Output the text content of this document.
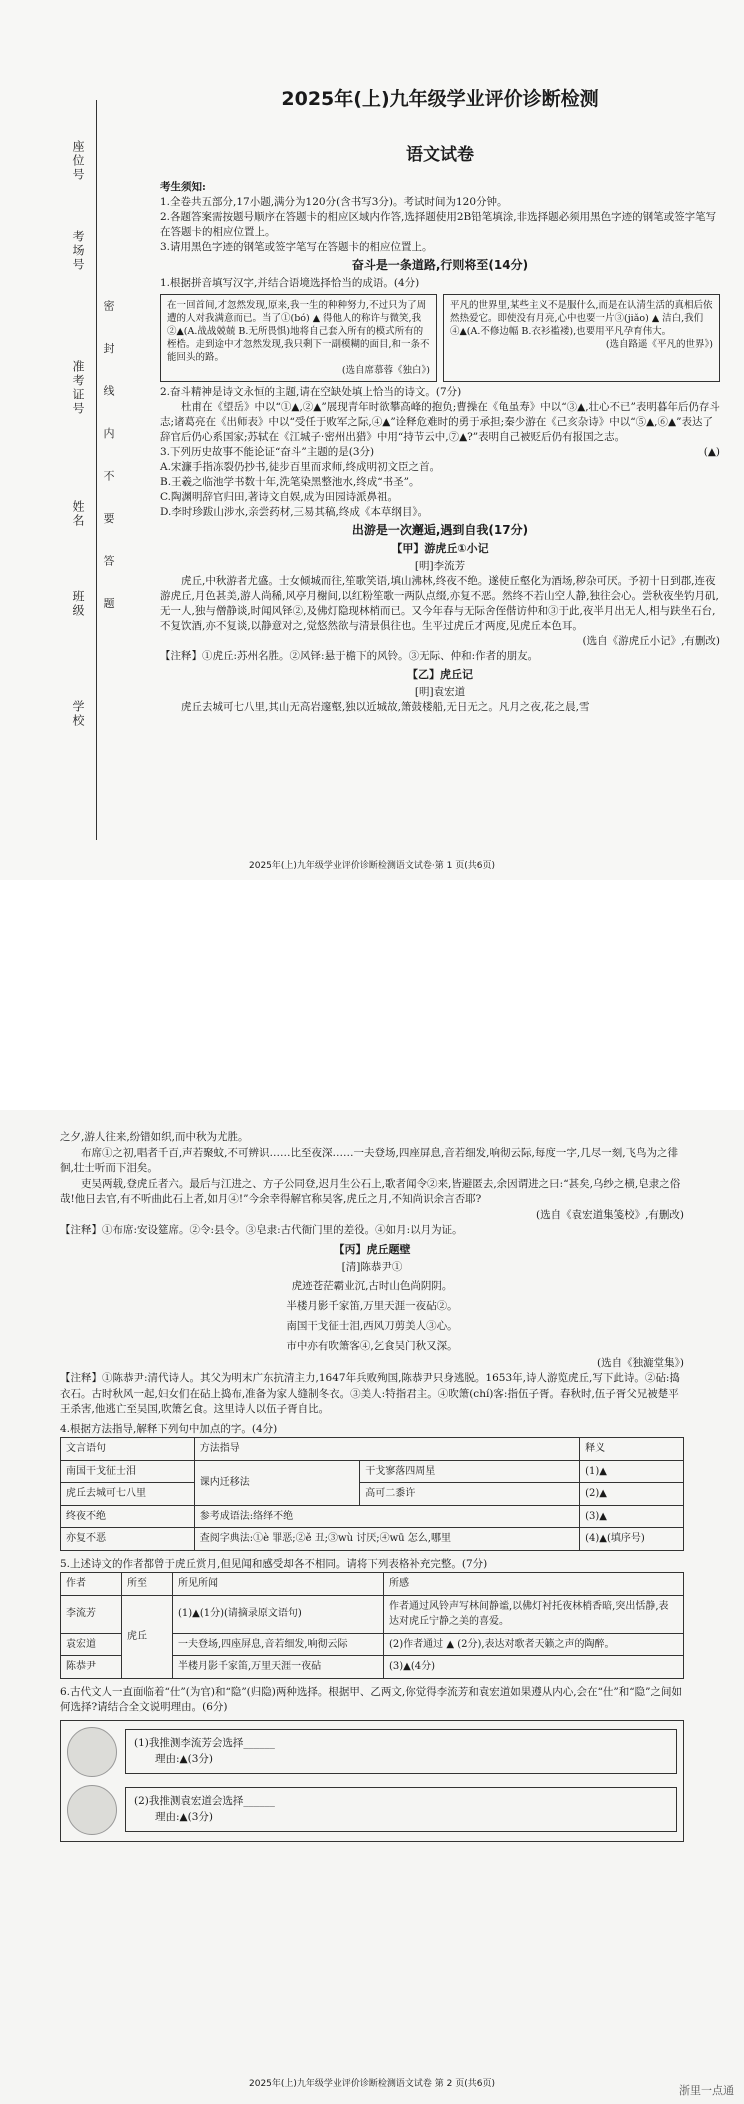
密 封 线 内 不 要 答 题
座位号
考场号
准考证号
姓名
班级
学校
2025年(上)九年级学业评价诊断检测
语文试卷

考生须知:

1.全卷共五部分,17小题,满分为120分(含书写3分)。考试时间为120分钟。

2.各题答案需按题号顺序在答题卡的相应区域内作答,选择题使用2B铅笔填涂,非选择题必须用黑色字迹的钢笔或签字笔写在答题卡的相应位置上。

3.请用黑色字迹的钢笔或签字笔写在答题卡的相应位置上。

奋斗是一条道路,行则将至(14分)

1.根据拼音填写汉字,并结合语境选择恰当的成语。(4分)

在一回首间,才忽然发现,原来,我一生的种种努力,不过只为了周遭的人对我满意而已。当了①(bó) ▲ 得他人的称许与微笑,我②▲(A.战战兢兢 B.无所畏惧)地将自己套入所有的模式所有的桎梏。走到途中才忽然发现,我只剩下一副模糊的面目,和一条不能回头的路。

(选自席慕蓉《独白》)

平凡的世界里,某些主义不是服什么,而是在认清生活的真相后依然热爱它。即使没有月亮,心中也要一片③(jiǎo) ▲ 洁白,我们④▲(A.不修边幅 B.衣衫褴褛),也要用平凡孕育伟大。

(选自路遥《平凡的世界》)

2.奋斗精神是诗文永恒的主题,请在空缺处填上恰当的诗文。(7分)

杜甫在《望岳》中以“①▲,②▲”展现青年时欲攀高峰的抱负;曹操在《龟虽寿》中以“③▲,壮心不已”表明暮年后仍存斗志;诸葛亮在《出师表》中以“受任于败军之际,④▲”诠释危难时的勇于承担;秦少游在《己亥杂诗》中以“⑤▲,⑥▲”表达了辞官后仍心系国家;苏轼在《江城子·密州出猎》中用“持节云中,⑦▲?”表明自己被贬后仍有报国之志。

3.下列历史故事不能论证“奋斗”主题的是(3分)	(▲)

A.宋濂手指冻裂仍抄书,徒步百里而求师,终成明初文臣之首。

B.王羲之临池学书数十年,洗笔染黑整池水,终成“书圣”。

C.陶渊明辞官归田,著诗文自娱,成为田园诗派鼻祖。

D.李时珍跋山涉水,亲尝药材,三易其稿,终成《本草纲目》。

出游是一次邂逅,遇到自我(17分)
【甲】游虎丘①小记

[明]李流芳

虎丘,中秋游者尤盛。士女倾城而往,笙歌笑语,填山沸林,终夜不绝。遂使丘壑化为酒场,秽杂可厌。予初十日到郡,连夜游虎丘,月色甚美,游人尚稀,风亭月榭间,以红粉笙歌一两队点缀,亦复不恶。然终不若山空人静,独往会心。尝秋夜坐钓月矶,无一人,独与僧静谈,时闻风铎②,及佛灯隐现林梢而已。又今年春与无际舍侄偕访仲和③于此,夜半月出无人,相与趺坐石台,不复饮酒,亦不复谈,以静意对之,觉悠然欲与清景俱往也。生平过虎丘才两度,见虎丘本色耳。

(选自《游虎丘小记》,有删改)

【注释】①虎丘:苏州名胜。②风铎:悬于檐下的风铃。③无际、仲和:作者的朋友。

【乙】虎丘记

[明]袁宏道

虎丘去城可七八里,其山无高岩邃壑,独以近城故,箫鼓楼船,无日无之。凡月之夜,花之晨,雪

2025年(上)九年级学业评价诊断检测语文试卷·第 1 页(共6页)

之夕,游人往来,纷错如织,而中秋为尤胜。

布席①之初,唱者千百,声若聚蚊,不可辨识……比至夜深……一夫登场,四座屏息,音若细发,响彻云际,每度一字,几尽一刻,飞鸟为之徘徊,壮士听而下泪矣。

吏吴两载,登虎丘者六。最后与江进之、方子公同登,迟月生公石上,歌者闻令②来,皆避匿去,余因谓进之曰:“甚矣,乌纱之横,皂隶之俗哉!他日去官,有不听曲此石上者,如月④!”今余幸得解官称吴客,虎丘之月,不知尚识余言否耶?

(选自《袁宏道集笺校》,有删改)

【注释】①布席:安设筵席。②令:县令。③皂隶:古代衙门里的差役。④如月:以月为证。

【丙】虎丘题壁

[清]陈恭尹①

虎迹苍茫霸业沉,古时山色尚阴阴。

半楼月影千家笛,万里天涯一夜砧②。

南国干戈征士泪,西风刀剪美人③心。

市中亦有吹箫客④,乞食吴门秋又深。

(选自《独漉堂集》)

【注释】①陈恭尹:清代诗人。其父为明末广东抗清主力,1647年兵败殉国,陈恭尹只身逃脱。1653年,诗人游览虎丘,写下此诗。②砧:捣衣石。古时秋风一起,妇女们在砧上捣布,准备为家人缝制冬衣。③美人:特指君主。④吹箫(chí)客:指伍子胥。春秋时,伍子胥父兄被楚平王杀害,他逃亡至吴国,吹箫乞食。这里诗人以伍子胥自比。

4.根据方法指导,解释下列句中加点的字。(4分)

文言语句	方法指导		释义
南国干戈征士泪	课内迁移法	干戈寥落四周星	(1)▲
虎丘去城可七八里		高可二黍许	(2)▲
终夜不绝	参考成语法:络绎不绝		(3)▲
亦复不恶	查阅字典法:①è 罪恶;②ě 丑;③wù 讨厌;④wū 怎么,哪里		(4)▲(填序号)

5.上述诗文的作者都曾于虎丘赏月,但见闻和感受却各不相同。请将下列表格补充完整。(7分)

作者	所至	所见所闻	所感
李流芳	虎丘	(1)▲(1分)(请摘录原文语句)	作者通过风铃声写林间静谧,以佛灯衬托夜林梢香暗,突出恬静,表达对虎丘宁静之美的喜爱。
袁宏道		一夫登场,四座屏息,音若细发,响彻云际	(2)作者通过 ▲ (2分),表达对歌者天籁之声的陶醉。
陈恭尹		半楼月影千家笛,万里天涯一夜砧	(3)▲(4分)

6.古代文人一直面临着“仕”(为官)和“隐”(归隐)两种选择。根据甲、乙两文,你觉得李流芳和袁宏道如果遵从内心,会在“仕”和“隐”之间如何选择?请结合全文说明理由。(6分)

(1)我推测李流芳会选择______

理由:▲(3分)

(2)我推测袁宏道会选择______

理由:▲(3分)

2025年(上)九年级学业评价诊断检测语文试卷 第 2 页(共6页)	浙里一点通
